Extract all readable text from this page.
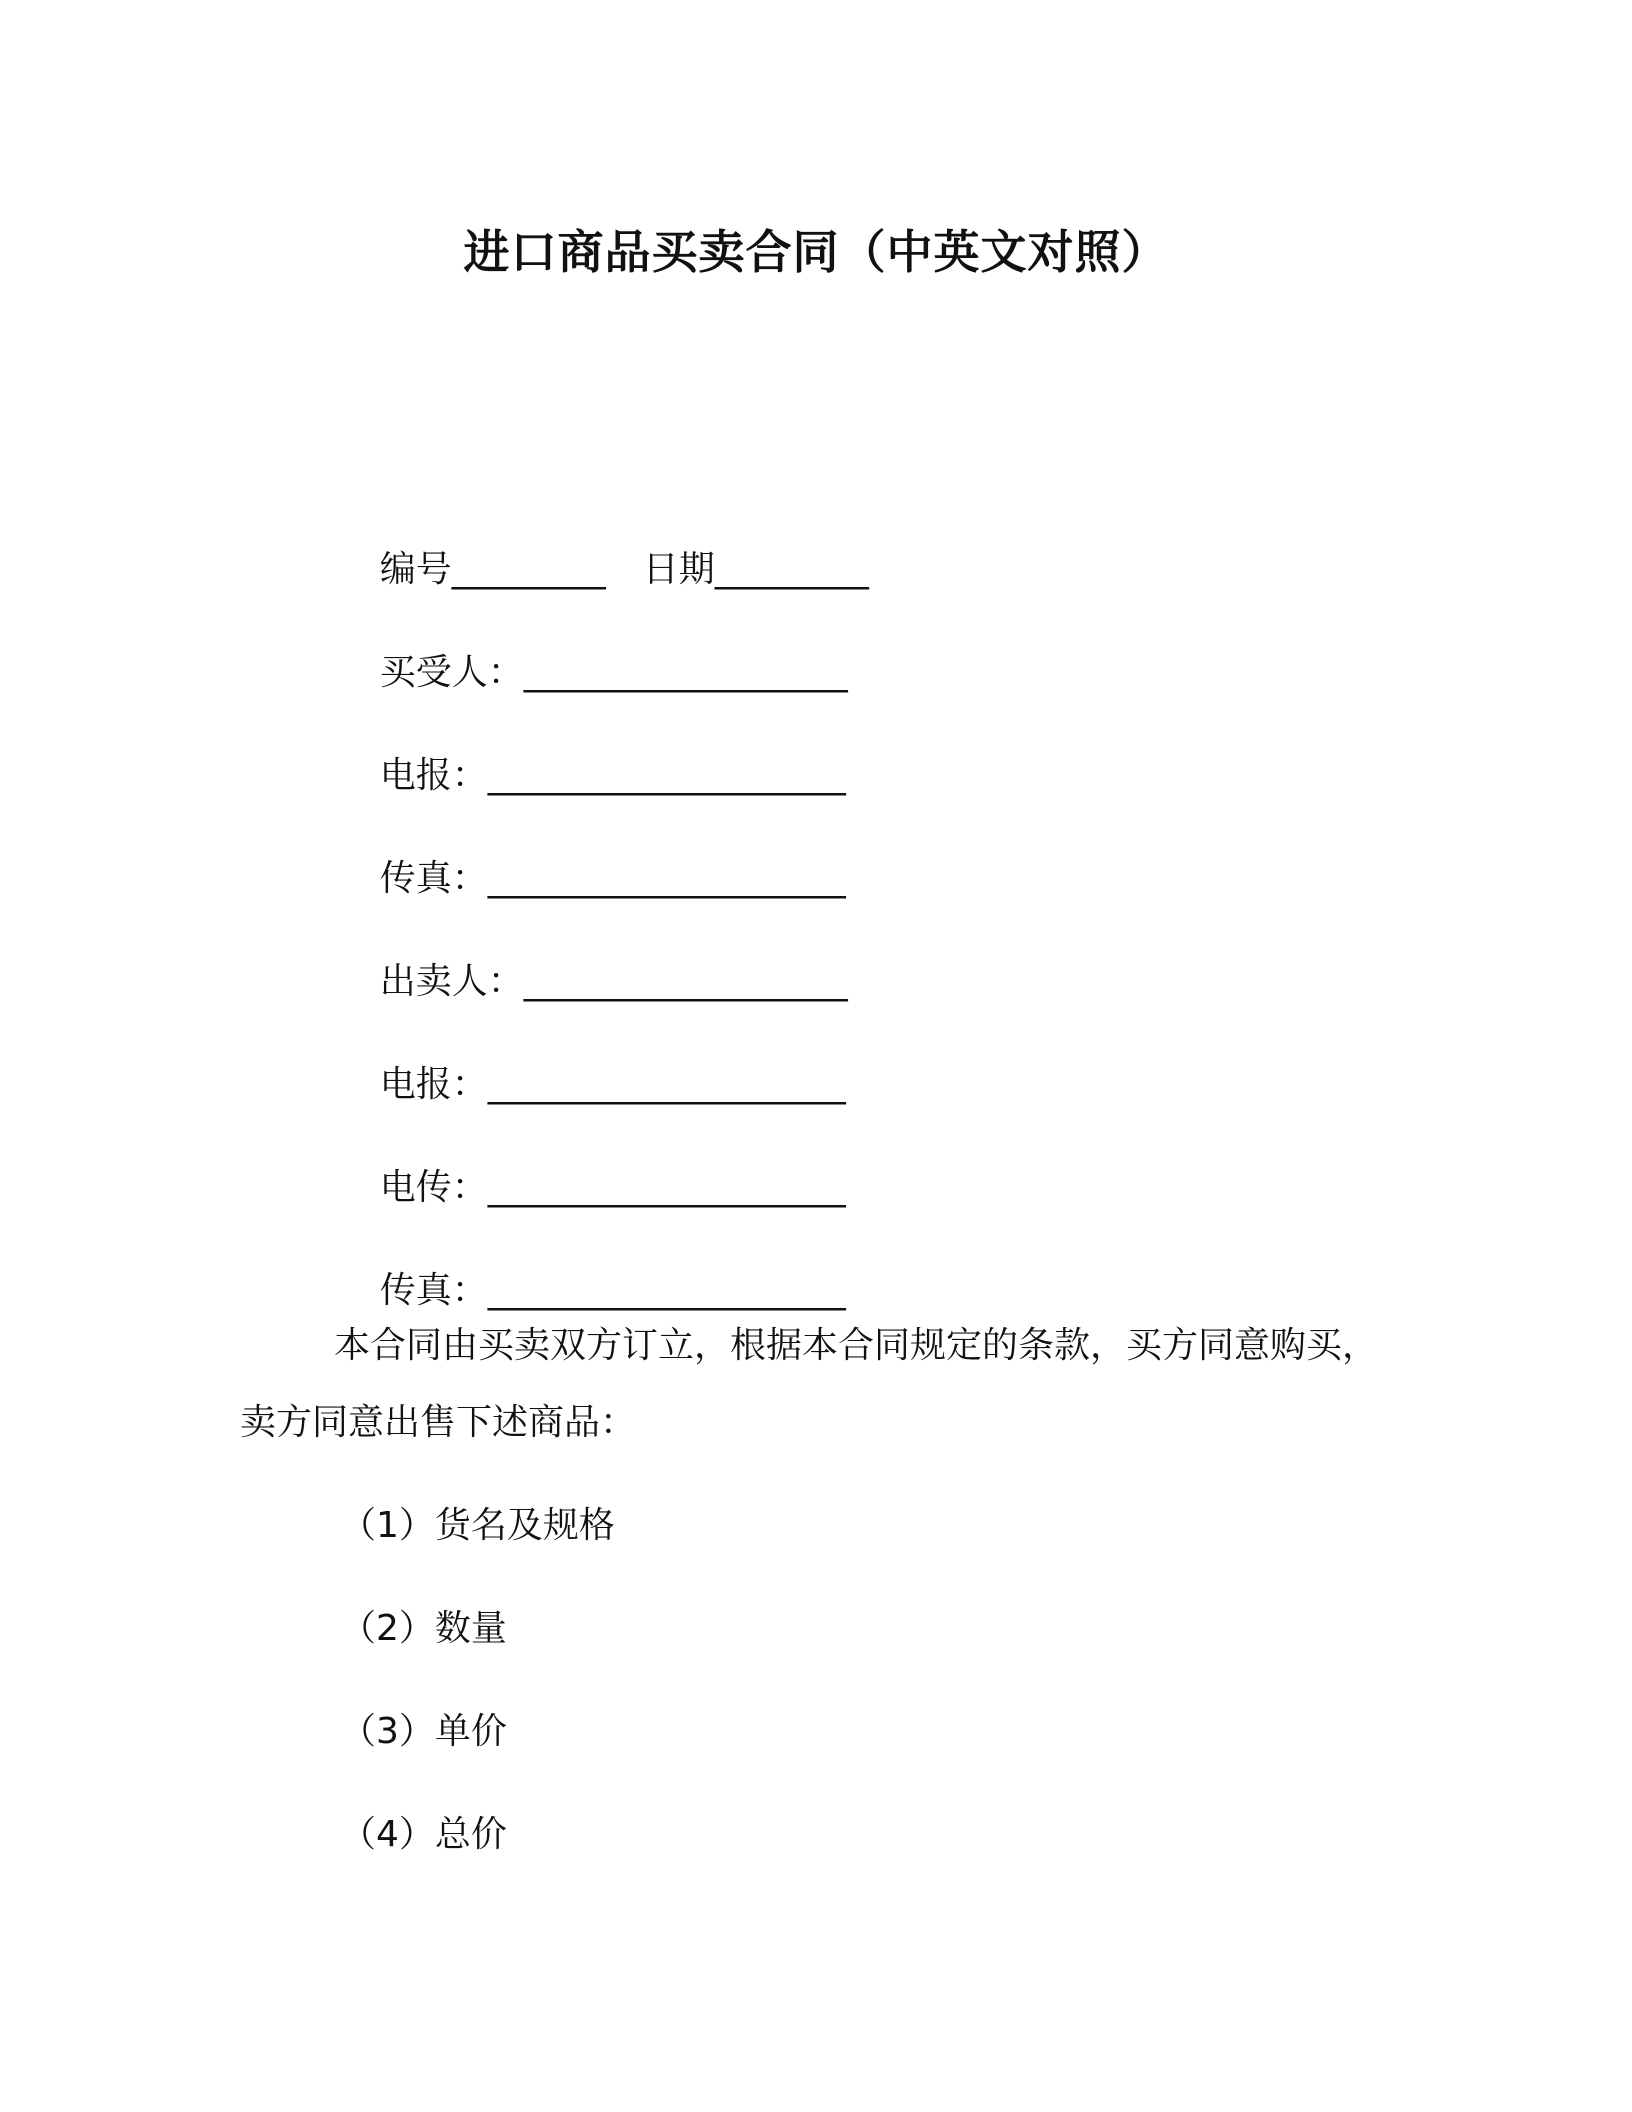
进口商品买卖合同（中英文对照）

编号_________ 日期_________

买受人：___________________

电报：_____________________

传真：_____________________

出卖人：___________________

电报：_____________________

电传：_____________________

传真：_____________________

本合同由买卖双方订立，根据本合同规定的条款，买方同意购买，
卖方同意出售下述商品：
（1）货名及规格
（2）数量
（3）单价
（4）总价
